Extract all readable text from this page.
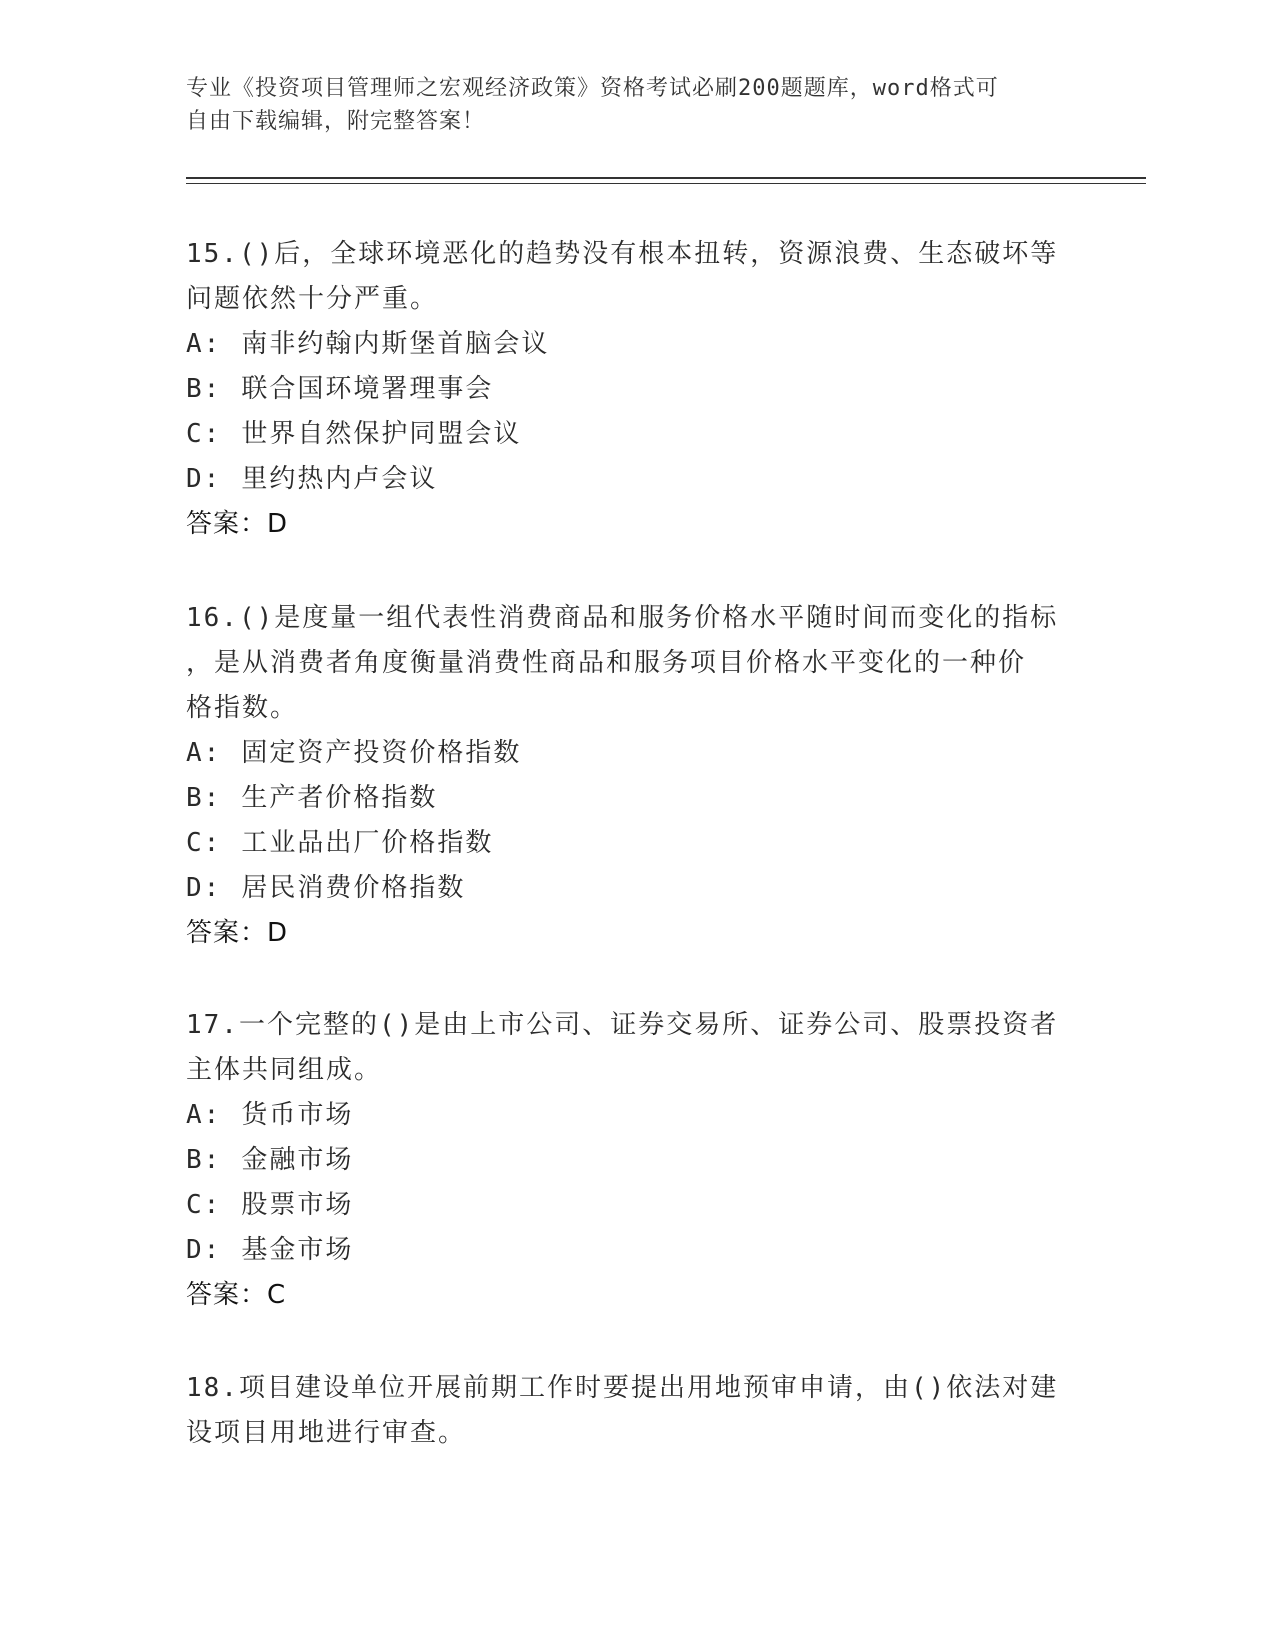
专业《投资项目管理师之宏观经济政策》资格考试必刷200题题库，word格式可
自由下载编辑，附完整答案！

15.()后，全球环境恶化的趋势没有根本扭转，资源浪费、生态破坏等

问题依然十分严重。

A: 南非约翰内斯堡首脑会议

B: 联合国环境署理事会

C: 世界自然保护同盟会议

D: 里约热内卢会议

答案：D

16.()是度量一组代表性消费商品和服务价格水平随时间而变化的指标

，是从消费者角度衡量消费性商品和服务项目价格水平变化的一种价

格指数。

A: 固定资产投资价格指数

B: 生产者价格指数

C: 工业品出厂价格指数

D: 居民消费价格指数

答案：D

17.一个完整的()是由上市公司、证券交易所、证券公司、股票投资者

主体共同组成。

A: 货币市场

B: 金融市场

C: 股票市场

D: 基金市场

答案：C

18.项目建设单位开展前期工作时要提出用地预审申请，由()依法对建

设项目用地进行审查。
